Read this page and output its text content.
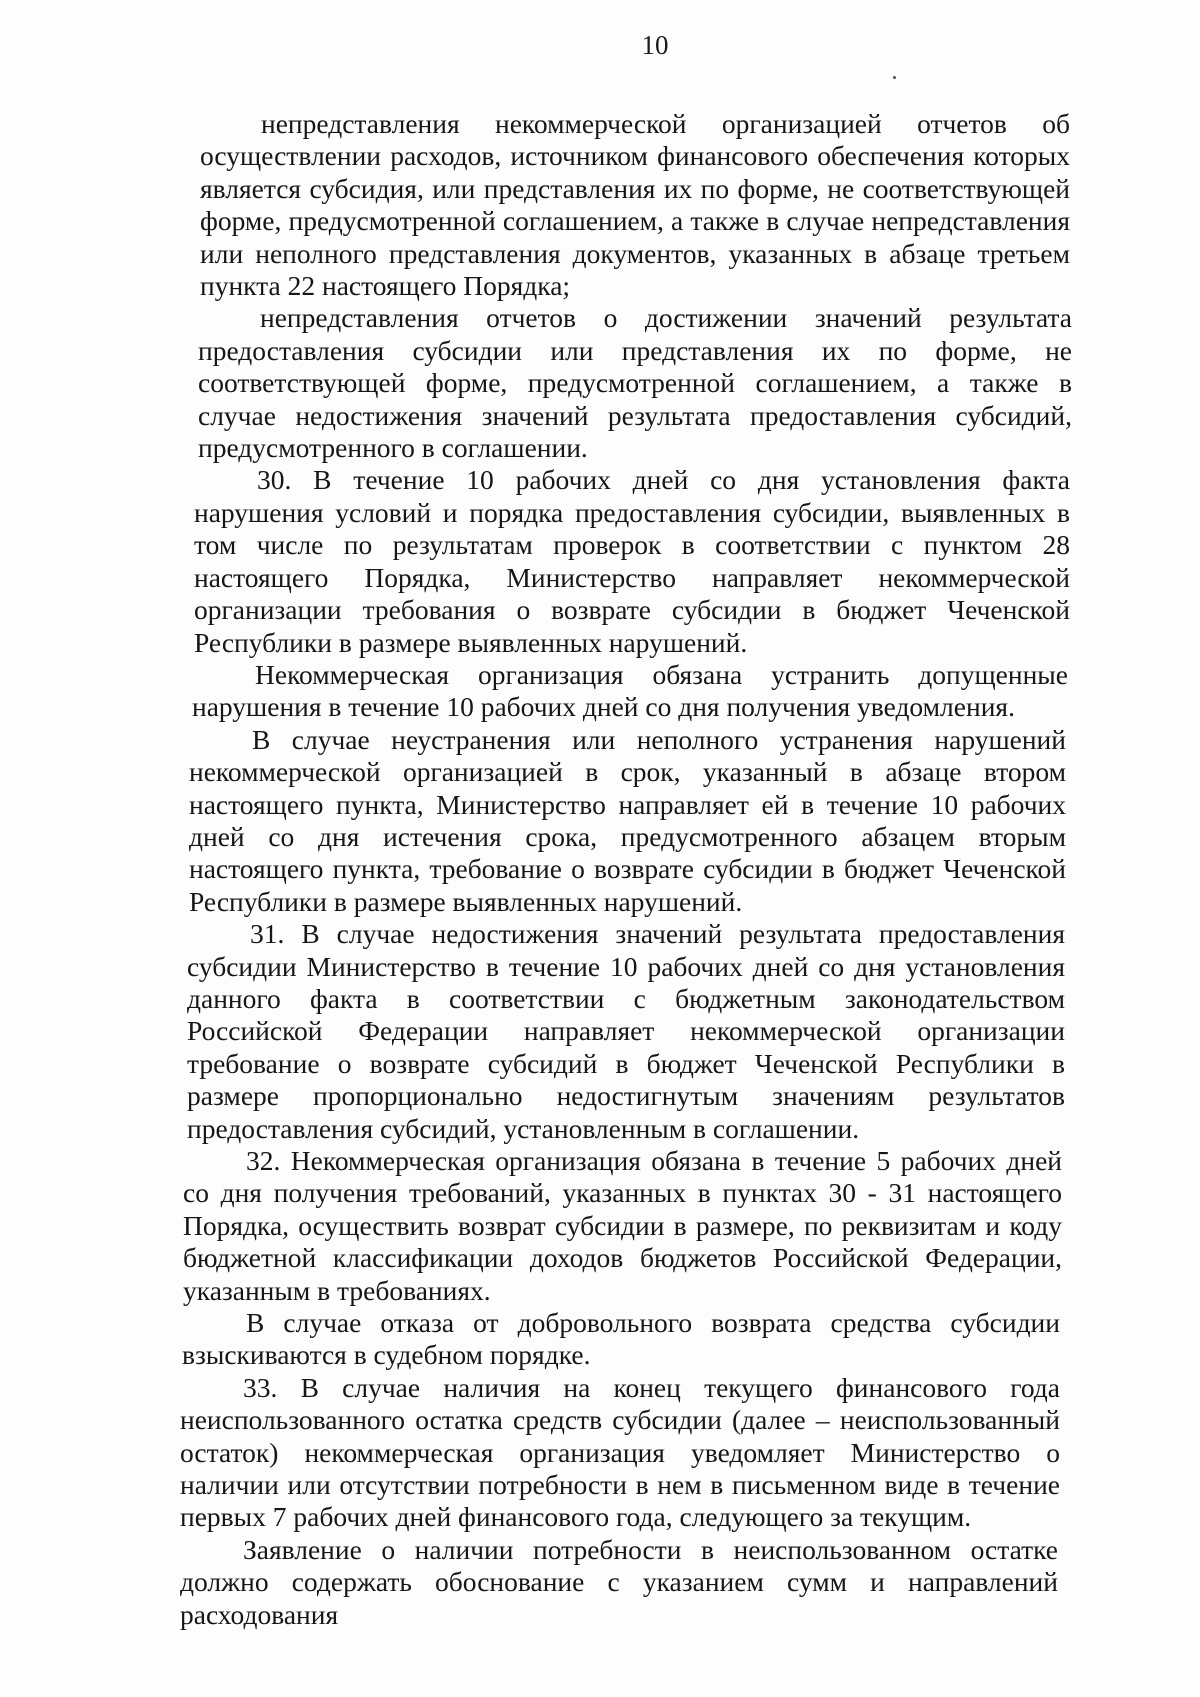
10

непредставления некоммерческой организацией отчетов об осуществлении расходов, источником финансового обеспечения которых является субсидия, или представления их по форме, не соответствующей форме, предусмотренной соглашением, а также в случае непредставления или неполного представления документов, указанных в абзаце третьем пункта 22 настоящего Порядка;

непредставления отчетов о достижении значений результата предоставления субсидии или представления их по форме, не соответствующей форме, предусмотренной соглашением, а также в случае недостижения значений результата предоставления субсидий, предусмотренного в соглашении.

30. В течение 10 рабочих дней со дня установления факта нарушения условий и порядка предоставления субсидии, выявленных в том числе по результатам проверок в соответствии с пунктом 28 настоящего Порядка, Министерство направляет некоммерческой организации требования о возврате субсидии в бюджет Чеченской Республики в размере выявленных нарушений.

Некоммерческая организация обязана устранить допущенные нарушения в течение 10 рабочих дней со дня получения уведомления.

В случае неустранения или неполного устранения нарушений некоммерческой организацией в срок, указанный в абзаце втором настоящего пункта, Министерство направляет ей в течение 10 рабочих дней со дня истечения срока, предусмотренного абзацем вторым настоящего пункта, требование о возврате субсидии в бюджет Чеченской Республики в размере выявленных нарушений.

31. В случае недостижения значений результата предоставления субсидии Министерство в течение 10 рабочих дней со дня установления данного факта в соответствии с бюджетным законодательством Российской Федерации направляет некоммерческой организации требование о возврате субсидий в бюджет Чеченской Республики в размере пропорционально недостигнутым значениям результатов предоставления субсидий, установленным в соглашении.

32. Некоммерческая организация обязана в течение 5 рабочих дней со дня получения требований, указанных в пунктах 30 - 31 настоящего Порядка, осуществить возврат субсидии в размере, по реквизитам и коду бюджетной классификации доходов бюджетов Российской Федерации, указанным в требованиях.

В случае отказа от добровольного возврата средства субсидии взыскиваются в судебном порядке.

33. В случае наличия на конец текущего финансового года неиспользованного остатка средств субсидии (далее – неиспользованный остаток) некоммерческая организация уведомляет Министерство о наличии или отсутствии потребности в нем в письменном виде в течение первых 7 рабочих дней финансового года, следующего за текущим.

Заявление о наличии потребности в неиспользованном остатке должно содержать обоснование с указанием сумм и направлений расходования
